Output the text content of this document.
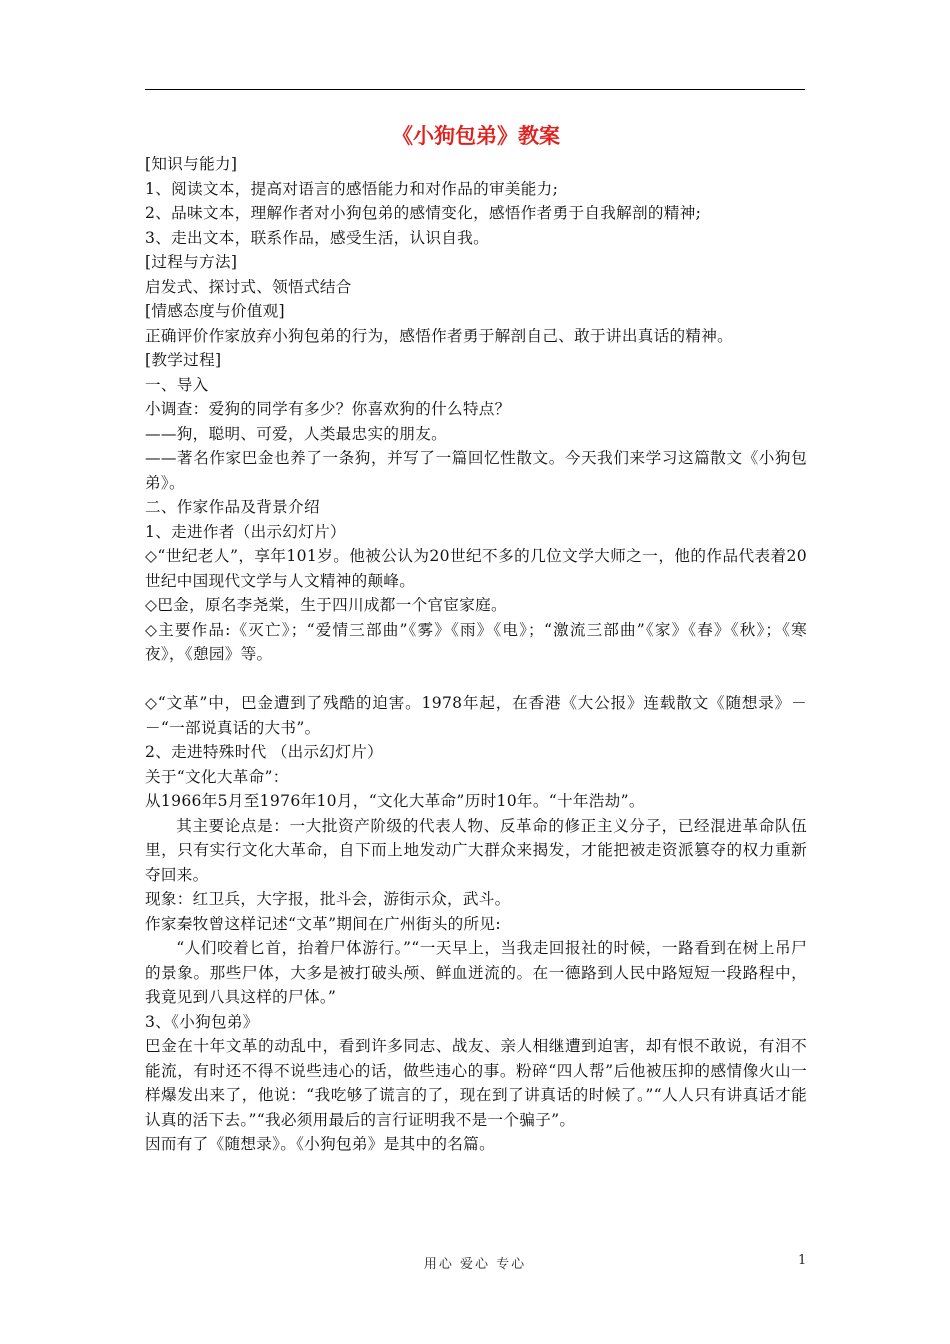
《小狗包弟》教案

[知识与能力]

1、阅读文本，提高对语言的感悟能力和对作品的审美能力;

2、品味文本，理解作者对小狗包弟的感情变化，感悟作者勇于自我解剖的精神;

3、走出文本，联系作品，感受生活，认识自我。

[过程与方法]

启发式、探讨式、领悟式结合

[情感态度与价值观]

正确评价作家放弃小狗包弟的行为，感悟作者勇于解剖自己、敢于讲出真话的精神。

[教学过程]

一、导入

小调查：爱狗的同学有多少？你喜欢狗的什么特点？

——狗，聪明、可爱，人类最忠实的朋友。

——著名作家巴金也养了一条狗，并写了一篇回忆性散文。今天我们来学习这篇散文《小狗包弟》。

二、作家作品及背景介绍

1、走进作者（出示幻灯片）

◇“世纪老人”，享年101岁。他被公认为20世纪不多的几位文学大师之一，他的作品代表着20世纪中国现代文学与人文精神的颠峰。

◇巴金，原名李尧棠，生于四川成都一个官宦家庭。

◇主要作品:《灭亡》；“爱情三部曲”《雾》《雨》《电》；“激流三部曲”《家》《春》《秋》；《寒夜》，《憩园》等。

◇“文革”中，巴金遭到了残酷的迫害。1978年起，在香港《大公报》连载散文《随想录》－－“一部说真话的大书”。

2、走进特殊时代 （出示幻灯片）

关于“文化大革命”：

从1966年5月至1976年10月，“文化大革命”历时10年。“十年浩劫”。

其主要论点是：一大批资产阶级的代表人物、反革命的修正主义分子，已经混进革命队伍里，只有实行文化大革命，自下而上地发动广大群众来揭发，才能把被走资派篡夺的权力重新夺回来。

现象：红卫兵，大字报，批斗会，游街示众，武斗。

作家秦牧曾这样记述“文革”期间在广州街头的所见:

“人们咬着匕首，抬着尸体游行。”“一天早上，当我走回报社的时候，一路看到在树上吊尸的景象。那些尸体，大多是被打破头颅、鲜血迸流的。在一德路到人民中路短短一段路程中，我竟见到八具这样的尸体。”

3、《小狗包弟》

巴金在十年文革的动乱中，看到许多同志、战友、亲人相继遭到迫害，却有恨不敢说，有泪不能流，有时还不得不说些违心的话，做些违心的事。粉碎“四人帮”后他被压抑的感情像火山一样爆发出来了，他说：“我吃够了谎言的了，现在到了讲真话的时候了。”“人人只有讲真话才能认真的活下去。”“我必须用最后的言行证明我不是一个骗子”。

因而有了《随想录》。《小狗包弟》是其中的名篇。

用心 爱心 专心	1
